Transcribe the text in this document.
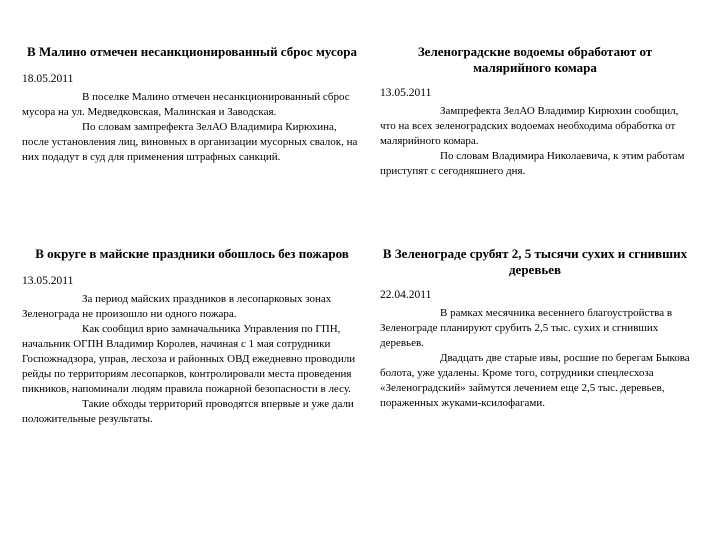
В Малино отмечен несанкционированный сброс мусора
18.05.2011

В поселке Малино отмечен несанкционированный сброс мусора на ул. Медведковская, Малинская и Заводская.

По словам зампрефекта ЗелАО Владимира Кирюхина, после установления лиц, виновных в организации мусорных свалок, на них подадут в суд для применения штрафных санкций.

Зеленоградские водоемы обработают от малярийного комара
13.05.2011

Зампрефекта ЗелАО Владимир Кирюхин сообщил, что на всех зеленоградских водоемах необходима обработка от малярийного комара.

По словам Владимира Николаевича, к этим работам приступят с сегодняшнего дня.

В округе в майские праздники обошлось без пожаров
13.05.2011

За период майских праздников в лесопарковых зонах Зеленограда не произошло ни одного пожара.

Как сообщил врио замначальника Управления по ГПН, начальник ОГПН Владимир Королев, начиная с 1 мая сотрудники Госпожнадзора, управ, лесхоза и районных ОВД ежедневно проводили рейды по территориям лесопарков, контролировали места проведения пикников, напоминали людям правила пожарной безопасности в лесу.

Такие обходы территорий проводятся впервые и уже дали положительные результаты.

В Зеленограде срубят 2, 5 тысячи сухих и сгнивших деревьев
22.04.2011

В рамках месячника весеннего благоустройства в Зеленограде планируют срубить 2,5 тыс. сухих и сгнивших деревьев.

Двадцать две старые ивы, росшие по берегам Быкова болота, уже удалены. Кроме того, сотрудники спецлесхоза «Зеленоградский» займутся лечением еще 2,5 тыс. деревьев, пораженных жуками-ксилофагами.
